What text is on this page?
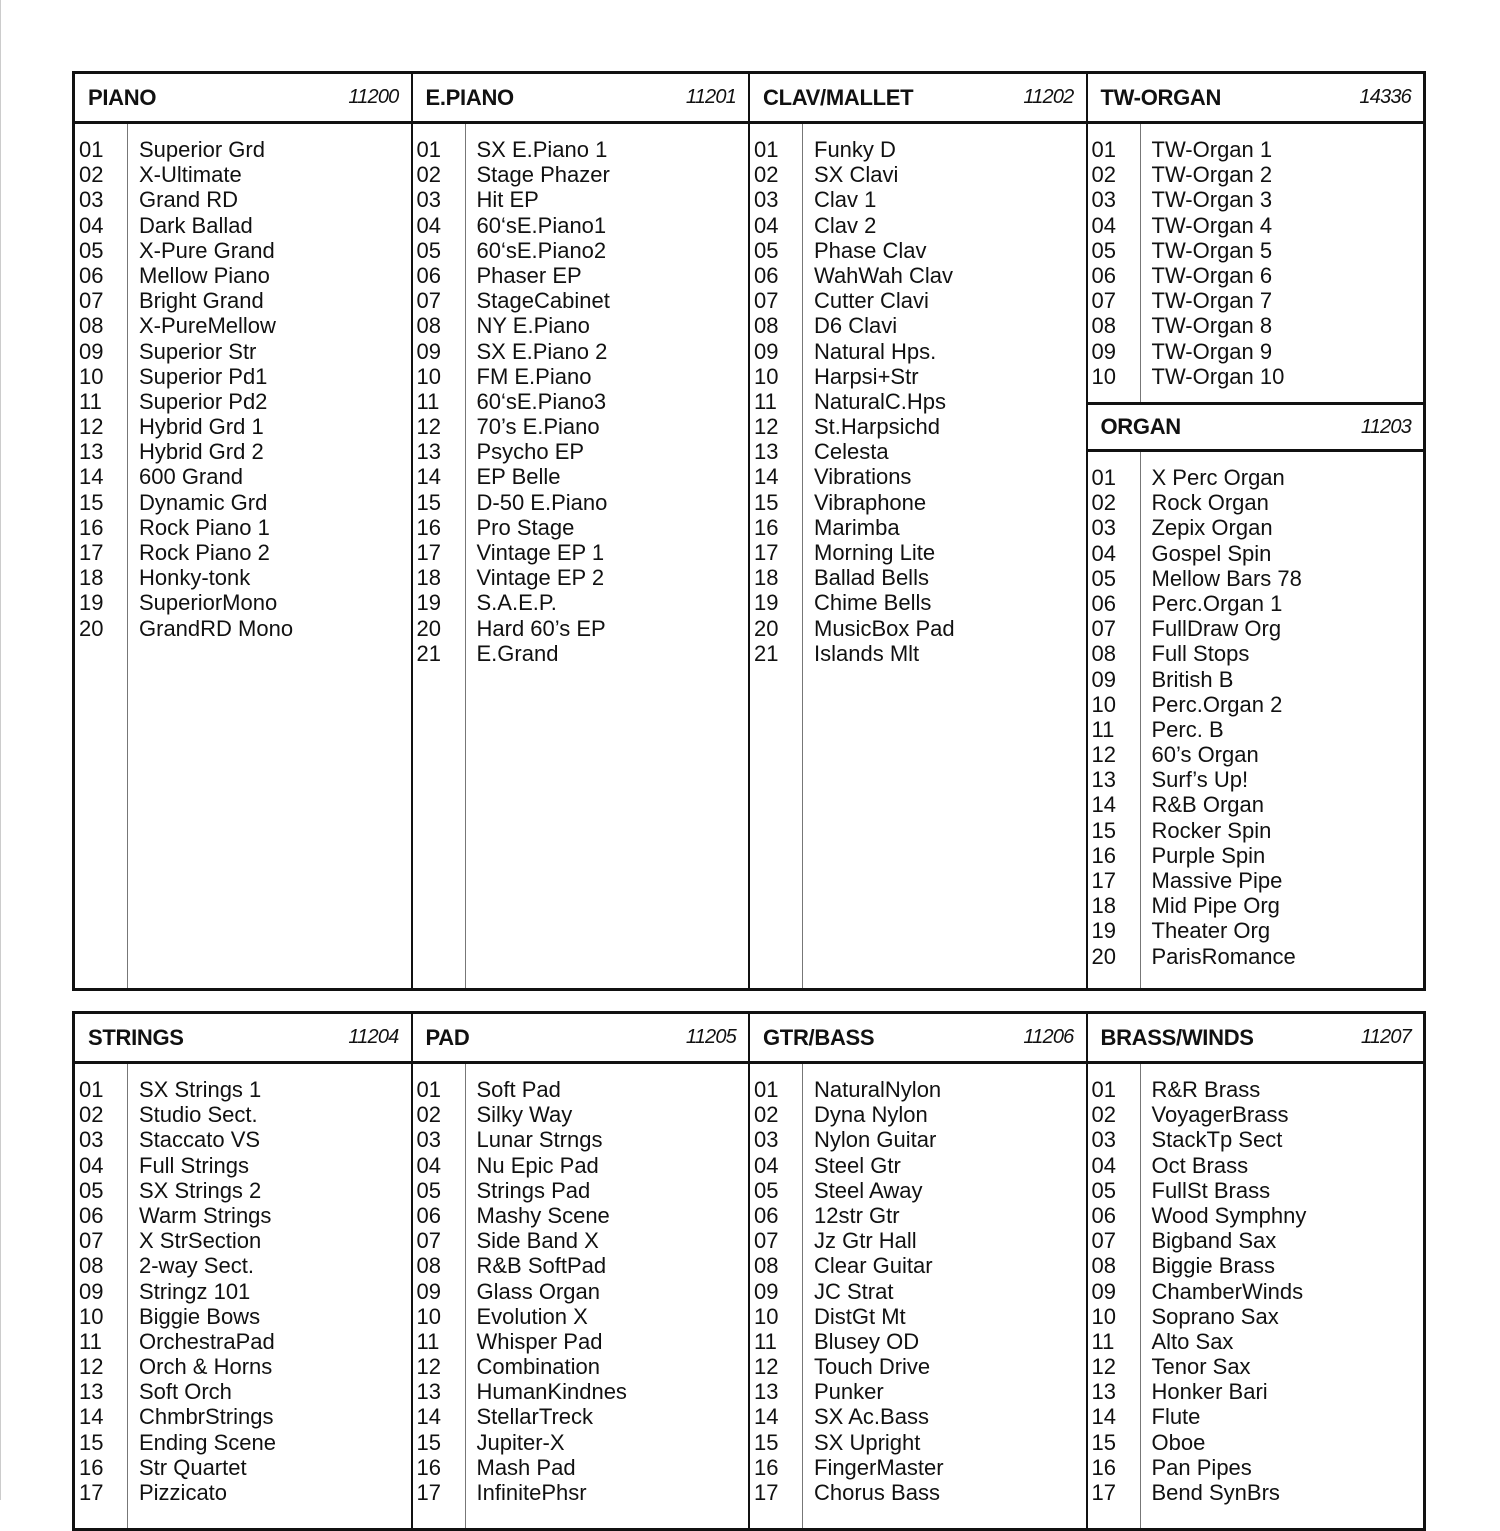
PIANO	11200
01	Superior Grd
02	X-Ultimate
03	Grand RD
04	Dark Ballad
05	X-Pure Grand
06	Mellow Piano
07	Bright Grand
08	X-PureMellow
09	Superior Str
10	Superior Pd1
11	Superior Pd2
12	Hybrid Grd 1
13	Hybrid Grd 2
14	600 Grand
15	Dynamic Grd
16	Rock Piano 1
17	Rock Piano 2
18	Honky-tonk
19	SuperiorMono
20	GrandRD Mono
E.PIANO	11201
01	SX E.Piano 1
02	Stage Phazer
03	Hit EP
04	60‘sE.Piano1
05	60‘sE.Piano2
06	Phaser EP
07	StageCabinet
08	NY E.Piano
09	SX E.Piano 2
10	FM E.Piano
11	60‘sE.Piano3
12	70’s E.Piano
13	Psycho EP
14	EP Belle
15	D-50 E.Piano
16	Pro Stage
17	Vintage EP 1
18	Vintage EP 2
19	S.A.E.P.
20	Hard 60’s EP
21	E.Grand
CLAV/MALLET	11202
01	Funky D
02	SX Clavi
03	Clav 1
04	Clav 2
05	Phase Clav
06	WahWah Clav
07	Cutter Clavi
08	D6 Clavi
09	Natural Hps.
10	Harpsi+Str
11	NaturalC.Hps
12	St.Harpsichd
13	Celesta
14	Vibrations
15	Vibraphone
16	Marimba
17	Morning Lite
18	Ballad Bells
19	Chime Bells
20	MusicBox Pad
21	Islands Mlt
TW-ORGAN	14336
01	TW-Organ 1
02	TW-Organ 2
03	TW-Organ 3
04	TW-Organ 4
05	TW-Organ 5
06	TW-Organ 6
07	TW-Organ 7
08	TW-Organ 8
09	TW-Organ 9
10	TW-Organ 10
ORGAN	11203
01	X Perc Organ
02	Rock Organ
03	Zepix Organ
04	Gospel Spin
05	Mellow Bars 78
06	Perc.Organ 1
07	FullDraw Org
08	Full Stops
09	British B
10	Perc.Organ 2
11	Perc. B
12	60’s Organ
13	Surf’s Up!
14	R&B Organ
15	Rocker Spin
16	Purple Spin
17	Massive Pipe
18	Mid Pipe Org
19	Theater Org
20	ParisRomance
STRINGS	11204
01	SX Strings 1
02	Studio Sect.
03	Staccato VS
04	Full Strings
05	SX Strings 2
06	Warm Strings
07	X StrSection
08	2-way Sect.
09	Stringz 101
10	Biggie Bows
11	OrchestraPad
12	Orch & Horns
13	Soft Orch
14	ChmbrStrings
15	Ending Scene
16	Str Quartet
17	Pizzicato
PAD	11205
01	Soft Pad
02	Silky Way
03	Lunar Strngs
04	Nu Epic Pad
05	Strings Pad
06	Mashy Scene
07	Side Band X
08	R&B SoftPad
09	Glass Organ
10	Evolution X
11	Whisper Pad
12	Combination
13	HumanKindnes
14	StellarTreck
15	Jupiter-X
16	Mash Pad
17	InfinitePhsr
GTR/BASS	11206
01	NaturalNylon
02	Dyna Nylon
03	Nylon Guitar
04	Steel Gtr
05	Steel Away
06	12str Gtr
07	Jz Gtr Hall
08	Clear Guitar
09	JC Strat
10	DistGt Mt
11	Blusey OD
12	Touch Drive
13	Punker
14	SX Ac.Bass
15	SX Upright
16	FingerMaster
17	Chorus Bass
BRASS/WINDS	11207
01	R&R Brass
02	VoyagerBrass
03	StackTp Sect
04	Oct Brass
05	FullSt Brass
06	Wood Symphny
07	Bigband Sax
08	Biggie Brass
09	ChamberWinds
10	Soprano Sax
11	Alto Sax
12	Tenor Sax
13	Honker Bari
14	Flute
15	Oboe
16	Pan Pipes
17	Bend SynBrs
